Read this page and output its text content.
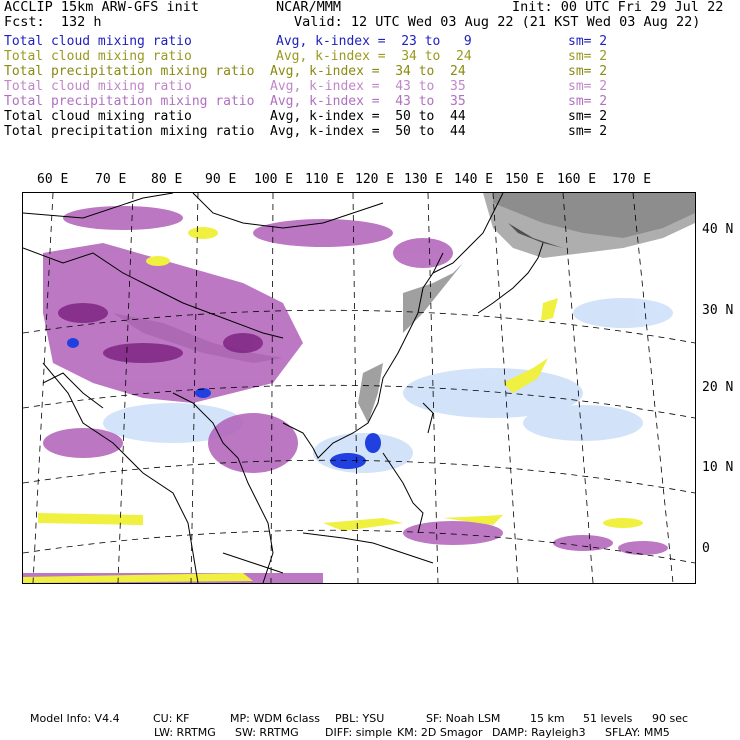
ACCLIP 15km ARW-GFS init	NCAR/MMM	Init: 00 UTC Fri 29 Jul 22
Fcst:  132 h	Valid: 12 UTC Wed 03 Aug 22 (21 KST Wed 03 Aug 22)
Total cloud mixing ratio	Avg, k-index =  23 to   9	sm= 2
Total cloud mixing ratio	Avg, k-index =  34 to  24	sm= 2
Total precipitation mixing ratio Avg, k-index =  34 to  24	sm= 2
Total cloud mixing ratio	Avg, k-index =  43 to  35	sm= 2
Total precipitation mixing ratio Avg, k-index =  43 to  35	sm= 2
Total cloud mixing ratio	Avg, k-index =  50 to  44	sm= 2
Total precipitation mixing ratio Avg, k-index =  50 to  44	sm= 2
60 E 70 E 80 E 90 E 100 E 110 E 120 E 130 E 140 E 150 E 160 E 170 E
40 N
30 N
20 N
10 N
0
Model Info: V4.4	CU: KF	MP: WDM 6class PBL: YSU	SF: Noah LSM	15 km 51 levels 90 sec
LW: RRTMG SW: RRTMG DIFF: simple KM: 2D Smagor DAMP: Rayleigh3 SFLAY: MM5
